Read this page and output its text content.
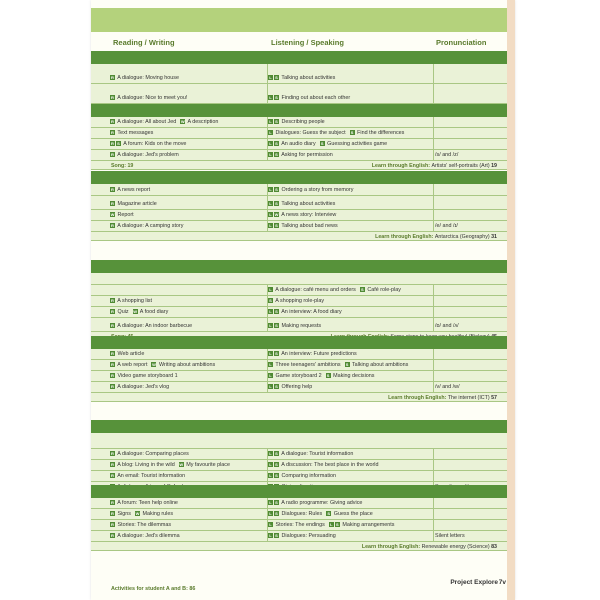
Reading / Writing	Listening / Speaking	Pronunciation
R A dialogue: Moving house	L S Talking about activities
R A dialogue: Nice to meet you!	L S Finding out about each other
R A dialogue: All about Jed W A description	L S Describing people
R Text messages	L Dialogues: Guess the subject S Find the differences
R S A forum: Kids on the move	L S An audio diary S Guessing activities game
R A dialogue: Jed's problem	L S Asking for permission	/s/ and /z/
Song: 19	Learn through English: Artists' self-portraits (Art) 19
R A news report	L S Ordering a story from memory
R Magazine article	L S Talking about activities
W Report	L W A news story: Interview
R A dialogue: A camping story	L S Talking about bad news	/e/ and /ɪ/
Learn through English: Antarctica (Geography) 31
L A dialogue: café menu and orders S Café role-play
R A shopping list	S A shopping role-play
R Quiz W A food diary	L S An interview: A food diary
R A dialogue: An indoor barbecue	L S Making requests	/ɒ/ and /ʌ/
R Web article	L S An interview: Future predictions
R A web report W Writing about ambitions	L Three teenagers' ambitions S Talking about ambitions
R Video game storyboard 1	L Game storyboard 2 S Making decisions
R A dialogue: Jed's vlog	L S Offering help	/v/ and /w/
Learn through English: The internet (ICT) 57
R A dialogue: Comparing places	L S A dialogue: Tourist information
R A blog: Living in the wild W My favourite place	L S A discussion: The best place in the world
R An email: Tourist information	L S Comparing information
R A forum: Teen help online	L S A radio programme: Giving advice
R Signs W Making rules	L S Dialogues: Rules S Guess the place
R Stories: The dilemmas	L Stories: The endings L S Making arrangements
R A dialogue: Jed's dilemma	L S Dialogues: Persuading	Silent letters
Learn through English: Renewable energy (Science) 83
Activities for student A and B: 86
Project Explore 7v
